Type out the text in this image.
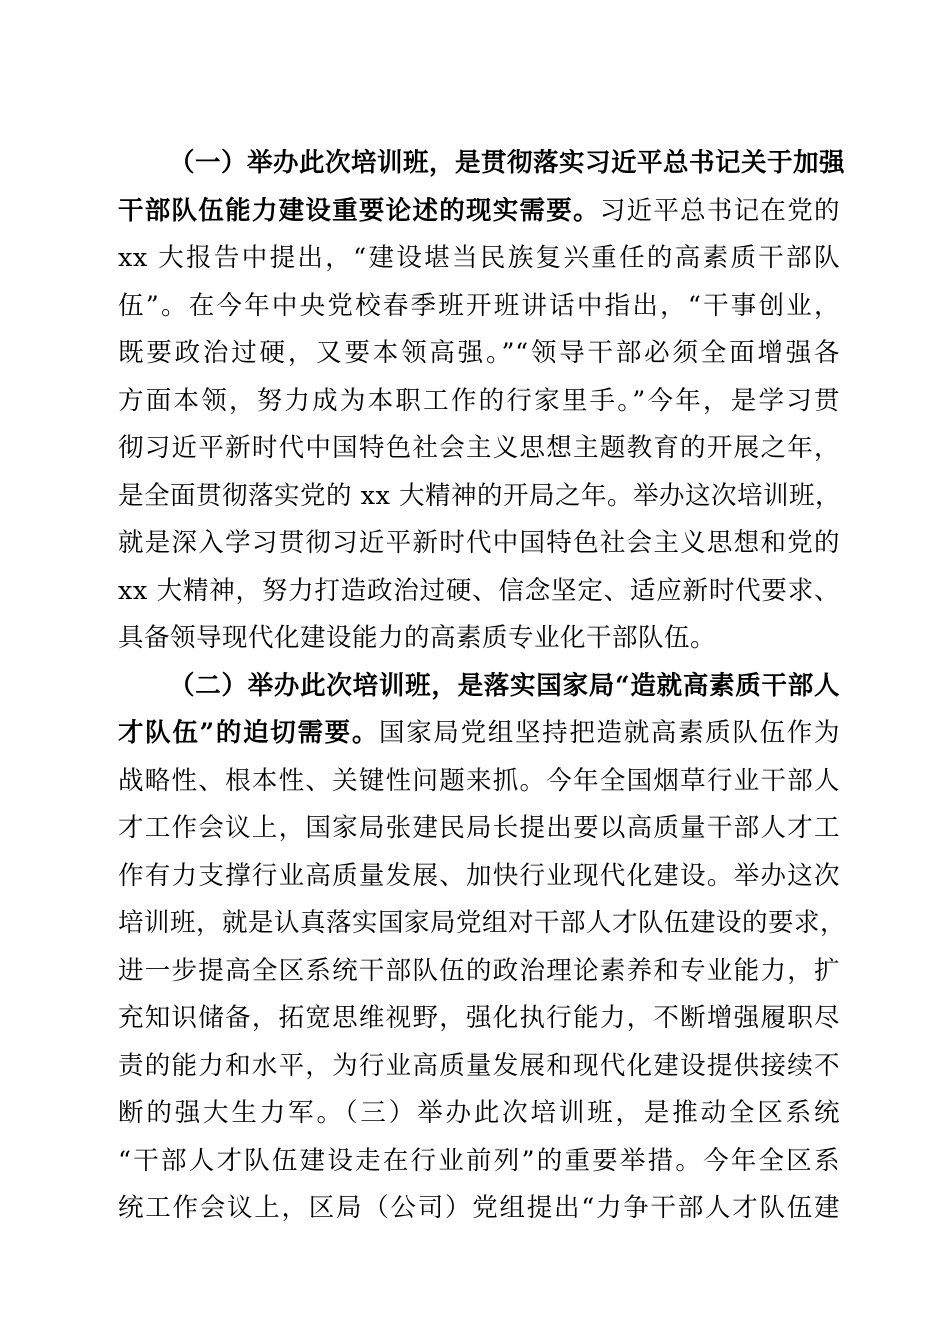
（一）举办此次培训班，是贯彻落实习近平总书记关于加强
干部队伍能力建设重要论述的现实需要。习近平总书记在党的
xx 大报告中提出，“建设堪当民族复兴重任的高素质干部队
伍”。在今年中央党校春季班开班讲话中指出，“干事创业，
既要政治过硬，又要本领高强。”“领导干部必须全面增强各
方面本领，努力成为本职工作的行家里手。”今年，是学习贯
彻习近平新时代中国特色社会主义思想主题教育的开展之年，
是全面贯彻落实党的 xx 大精神的开局之年。举办这次培训班，
就是深入学习贯彻习近平新时代中国特色社会主义思想和党的
xx 大精神，努力打造政治过硬、信念坚定、适应新时代要求、
具备领导现代化建设能力的高素质专业化干部队伍。
（二）举办此次培训班，是落实国家局“造就高素质干部人
才队伍”的迫切需要。国家局党组坚持把造就高素质队伍作为
战略性、根本性、关键性问题来抓。今年全国烟草行业干部人
才工作会议上，国家局张建民局长提出要以高质量干部人才工
作有力支撑行业高质量发展、加快行业现代化建设。举办这次
培训班，就是认真落实国家局党组对干部人才队伍建设的要求，
进一步提高全区系统干部队伍的政治理论素养和专业能力，扩
充知识储备，拓宽思维视野，强化执行能力，不断增强履职尽
责的能力和水平，为行业高质量发展和现代化建设提供接续不
断的强大生力军。（三）举办此次培训班，是推动全区系统
“干部人才队伍建设走在行业前列”的重要举措。今年全区系
统工作会议上，区局（公司）党组提出“力争干部人才队伍建
